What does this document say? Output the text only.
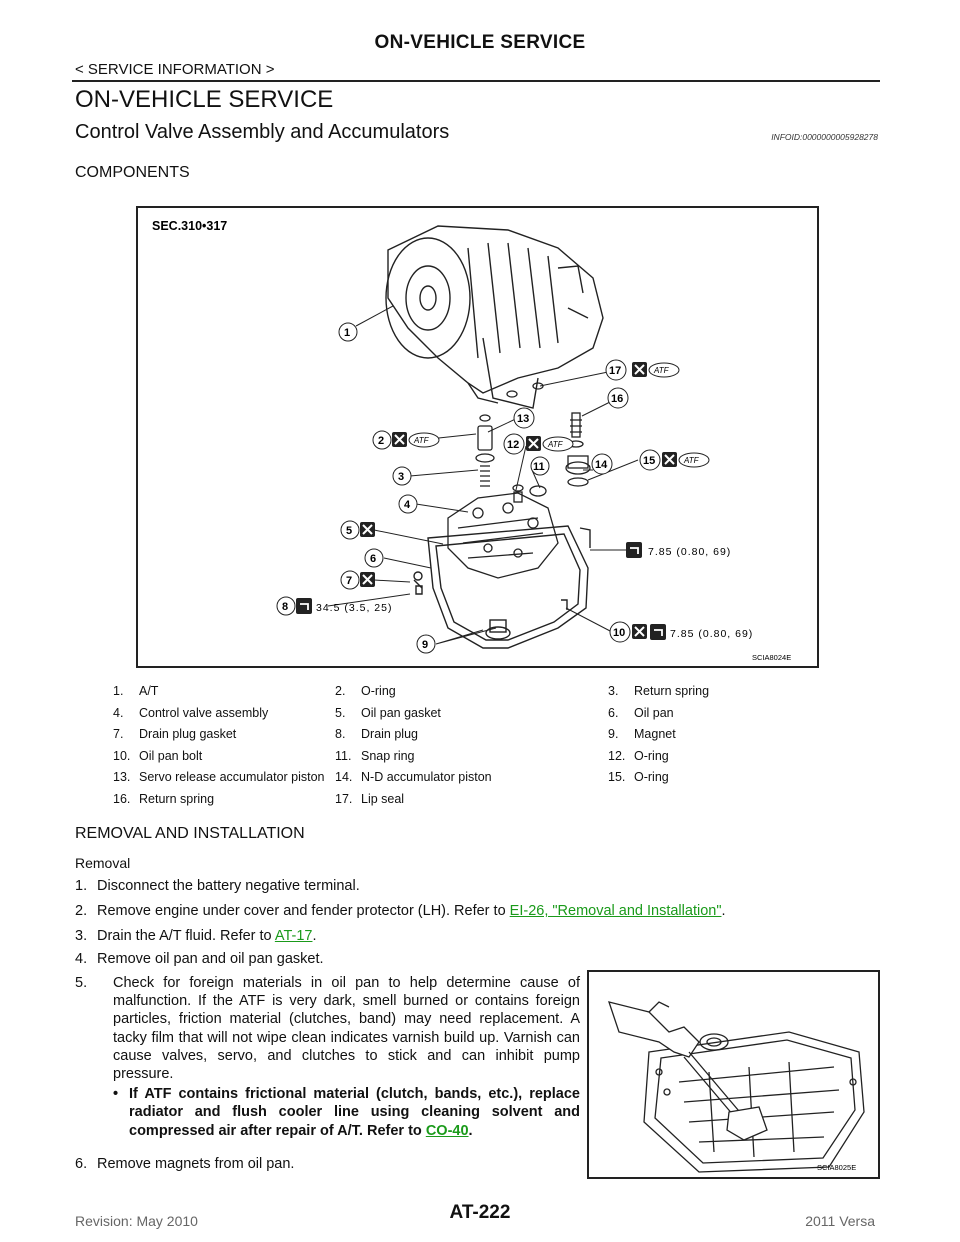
ON-VEHICLE SERVICE
< SERVICE INFORMATION >
ON-VEHICLE SERVICE
Control Valve Assembly and Accumulators	INFOID:0000000005928278
COMPONENTS
SEC.310•317
1
2
3
4
5
6
7
8
9
10
11
12
13
14	15
16
17	ATF
ATF	ATF
ATF
7.85 (0.80, 69)
34.5 (3.5, 25)
7.85 (0.80, 69)
SCIA8024E
1. A/T	2. O-ring	3. Return spring
4. Control valve assembly	5. Oil pan gasket	6. Oil pan
7. Drain plug gasket	8. Drain plug	9. Magnet
10. Oil pan bolt	11. Snap ring	12. O-ring
13. Servo release accumulator piston 14. N-D accumulator piston	15. O-ring
16. Return spring	17. Lip seal
REMOVAL AND INSTALLATION
Removal
1. Disconnect the battery negative terminal.
2. Remove engine under cover and fender protector (LH). Refer to EI-26, "Removal and Installation".
3. Drain the A/T fluid. Refer to AT-17.
4. Remove oil pan and oil pan gasket.
5. Check for foreign materials in oil pan to help determine cause of malfunction. If the ATF is very dark, smell burned or contains foreign particles, friction material (clutches, band) may need replacement. A tacky film that will not wipe clean indicates varnish build up. Varnish can cause valves, servo, and clutches to stick and can inhibit pump pressure.
• If ATF contains frictional material (clutch, bands, etc.), replace radiator and flush cooler line using cleaning solvent and compressed air after repair of A/T. Refer to CO-40.
6. Remove magnets from oil pan.	SCIA8025E
Revision: May 2010	AT-222	2011 Versa
